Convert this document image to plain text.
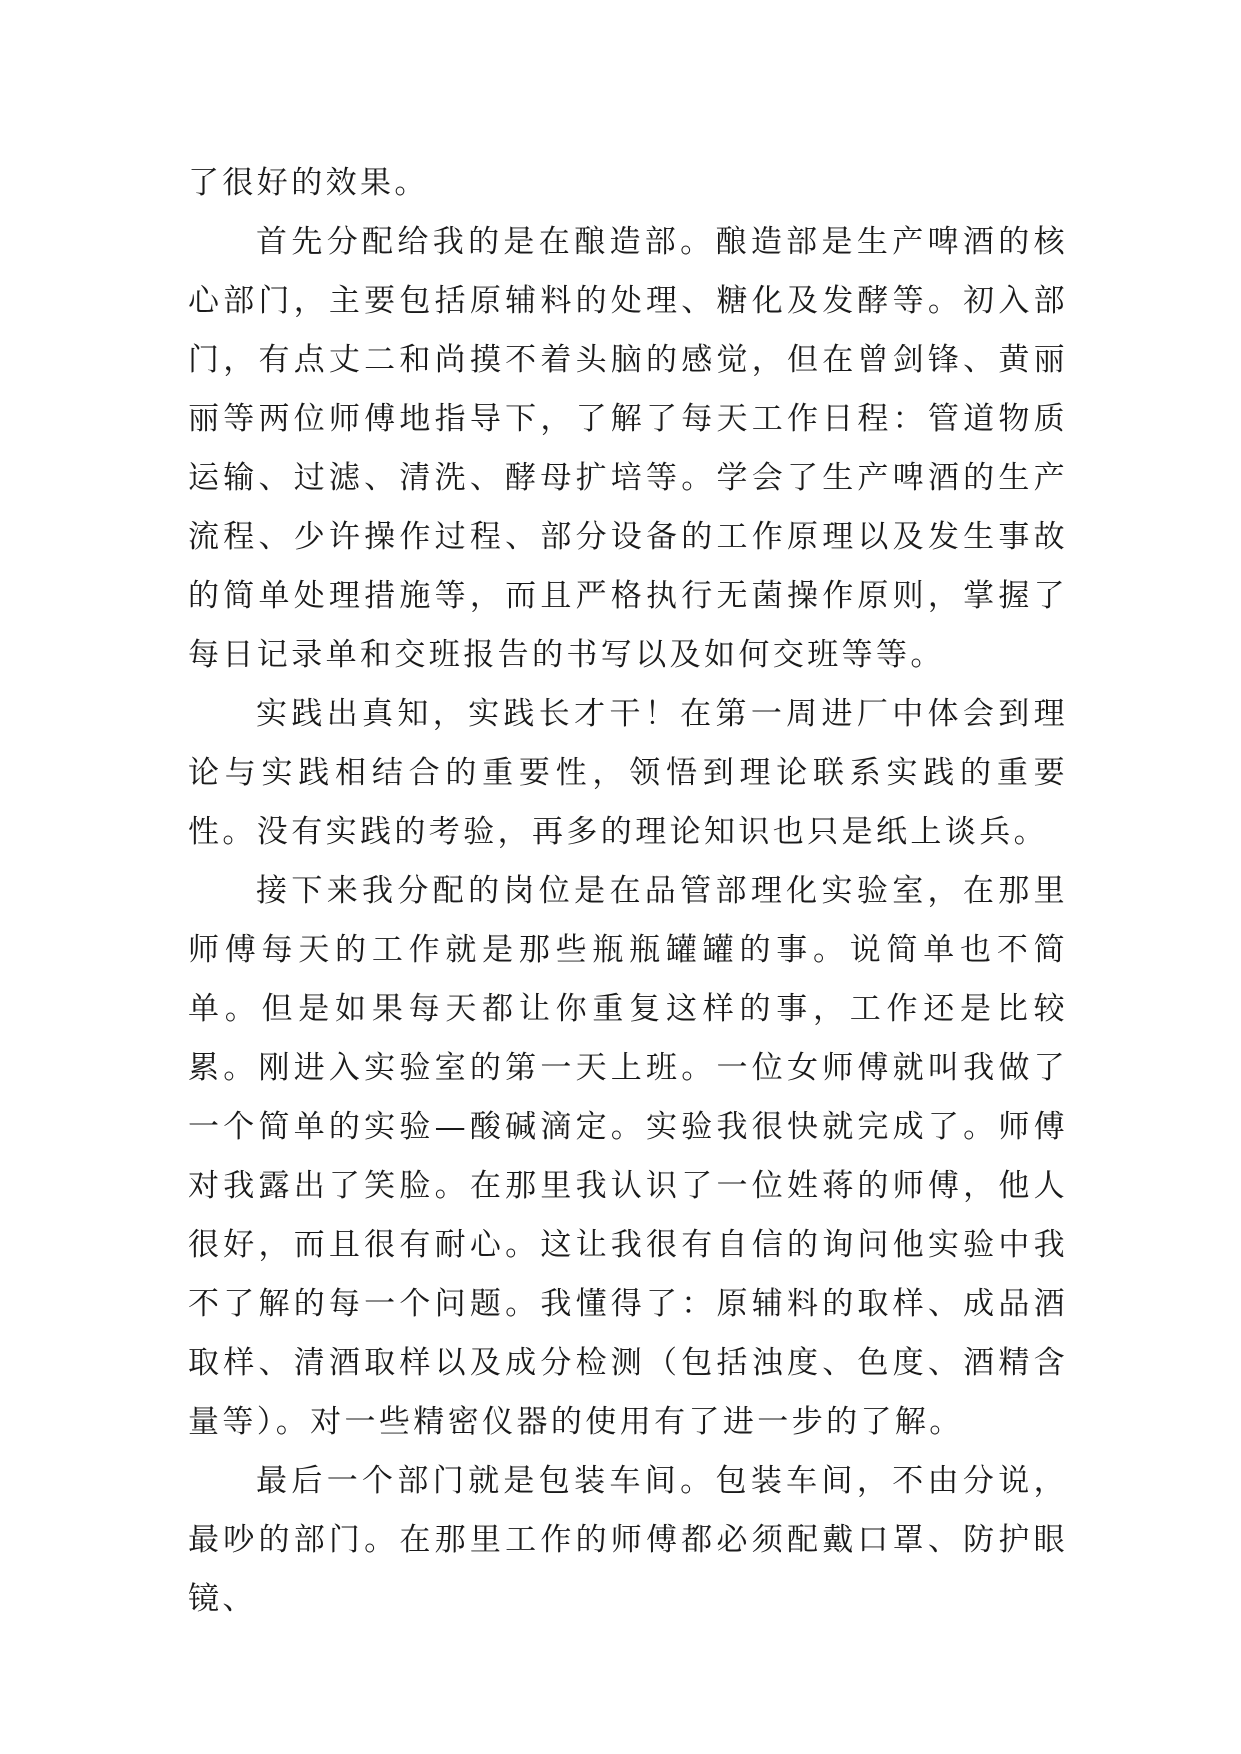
了很好的效果。

首先分配给我的是在酿造部。酿造部是生产啤酒的核心部门，主要包括原辅料的处理、糖化及发酵等。初入部门，有点丈二和尚摸不着头脑的感觉，但在曾剑锋、黄丽丽等两位师傅地指导下，了解了每天工作日程：管道物质运输、过滤、清洗、酵母扩培等。学会了生产啤酒的生产流程、少许操作过程、部分设备的工作原理以及发生事故的简单处理措施等，而且严格执行无菌操作原则，掌握了每日记录单和交班报告的书写以及如何交班等等。

实践出真知，实践长才干！在第一周进厂中体会到理论与实践相结合的重要性，领悟到理论联系实践的重要性。没有实践的考验，再多的理论知识也只是纸上谈兵。

接下来我分配的岗位是在品管部理化实验室，在那里师傅每天的工作就是那些瓶瓶罐罐的事。说简单也不简单。但是如果每天都让你重复这样的事，工作还是比较累。刚进入实验室的第一天上班。一位女师傅就叫我做了一个简单的实验—酸碱滴定。实验我很快就完成了。师傅对我露出了笑脸。在那里我认识了一位姓蒋的师傅，他人很好，而且很有耐心。这让我很有自信的询问他实验中我不了解的每一个问题。我懂得了：原辅料的取样、成品酒取样、清酒取样以及成分检测（包括浊度、色度、酒精含量等）。对一些精密仪器的使用有了进一步的了解。

最后一个部门就是包装车间。包装车间，不由分说，最吵的部门。在那里工作的师傅都必须配戴口罩、防护眼镜、
